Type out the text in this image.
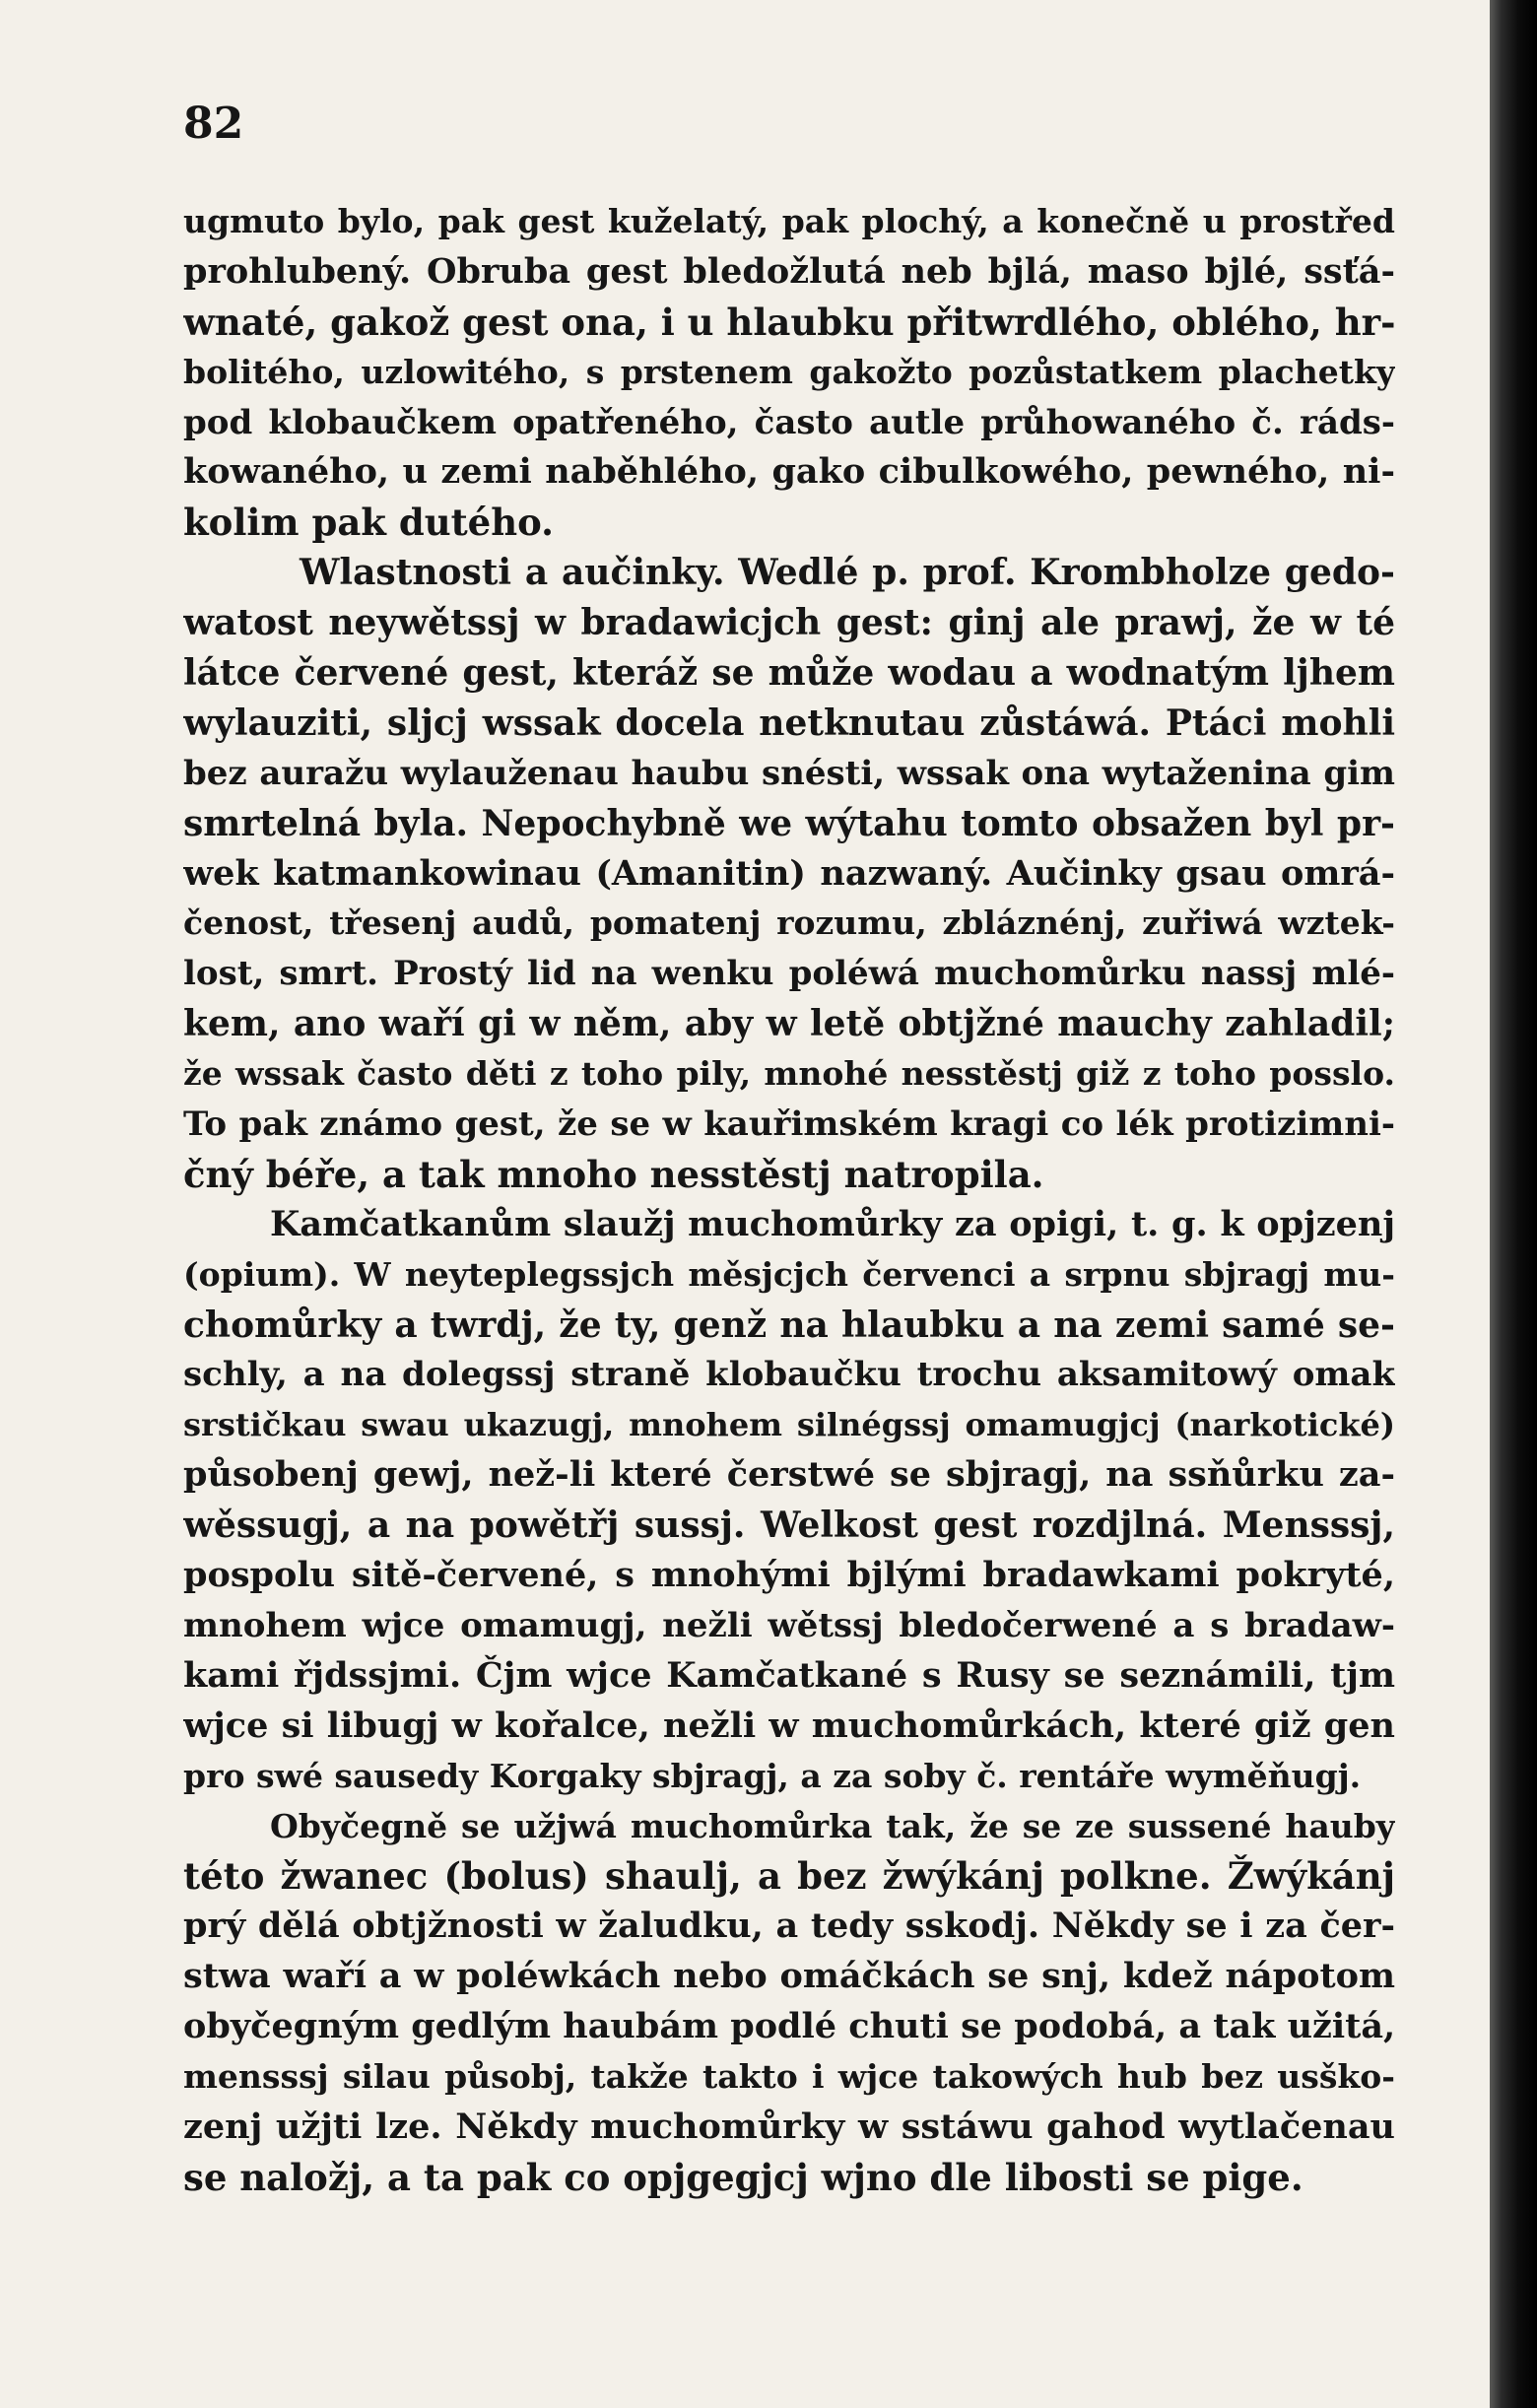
82
ugmuto bylo, pak gest kuželatý, pak plochý, a konečně u prostřed
prohlubený. Obruba gest bledožlutá neb bjlá, maso bjlé, ssťá-
wnaté, gakož gest ona, i u hlaubku přitwrdlého, oblého, hr-
bolitého, uzlowitého, s prstenem gakožto pozůstatkem plachetky
pod klobaučkem opatřeného, často autle průhowaného č. ráds-
kowaného, u zemi naběhlého, gako cibulkowého, pewného, ni-
kolim pak dutého.
Wlastnosti a aučinky. Wedlé p. prof. Krombholze gedo-
watost neywětssj w bradawicjch gest: ginj ale prawj, že w té
látce červené gest, kteráž se může wodau a wodnatým ljhem
wylauziti, sljcj wssak docela netknutau zůstáwá. Ptáci mohli
bez auražu wylauženau haubu snésti, wssak ona wytaženina gim
smrtelná byla. Nepochybně we wýtahu tomto obsažen byl pr-
wek katmankowinau (Amanitin) nazwaný. Aučinky gsau omrá-
čenost, třesenj audů, pomatenj rozumu, zbláznénj, zuřiwá wztek-
lost, smrt. Prostý lid na wenku poléwá muchomůrku nassj mlé-
kem, ano waří gi w něm, aby w letě obtjžné mauchy zahladil;
že wssak často děti z toho pily, mnohé nesstěstj giž z toho posslo.
To pak známo gest, že se w kauřimském kragi co lék protizimni-
čný béře, a tak mnoho nesstěstj natropila.
Kamčatkanům slaužj muchomůrky za opigi, t. g. k opjzenj
(opium). W neyteplegssjch měsjcjch červenci a srpnu sbjragj mu-
chomůrky a twrdj, že ty, genž na hlaubku a na zemi samé se-
schly, a na dolegssj straně klobaučku trochu aksamitowý omak
srstičkau swau ukazugj, mnohem silnégssj omamugjcj (narkotické)
působenj gewj, než-li které čerstwé se sbjragj, na ssňůrku za-
wěssugj, a na powětřj sussj. Welkost gest rozdjlná. Mensssj,
pospolu sitě-červené, s mnohými bjlými bradawkami pokryté,
mnohem wjce omamugj, nežli wětssj bledočerwené a s bradaw-
kami řjdssjmi. Čjm wjce Kamčatkané s Rusy se seznámili, tjm
wjce si libugj w kořalce, nežli w muchomůrkách, které giž gen
pro swé sausedy Korgaky sbjragj, a za soby č. rentáře wyměňugj.
Obyčegně se užjwá muchomůrka tak, že se ze sussené hauby
této žwanec (bolus) shaulj, a bez žwýkánj polkne. Žwýkánj
prý dělá obtjžnosti w žaludku, a tedy sskodj. Někdy se i za čer-
stwa waří a w poléwkách nebo omáčkách se snj, kdež nápotom
obyčegným gedlým haubám podlé chuti se podobá, a tak užitá,
mensssj silau působj, takže takto i wjce takowých hub bez usško-
zenj užjti lze. Někdy muchomůrky w sstáwu gahod wytlačenau
se naložj, a ta pak co opjgegjcj wjno dle libosti se pige.
